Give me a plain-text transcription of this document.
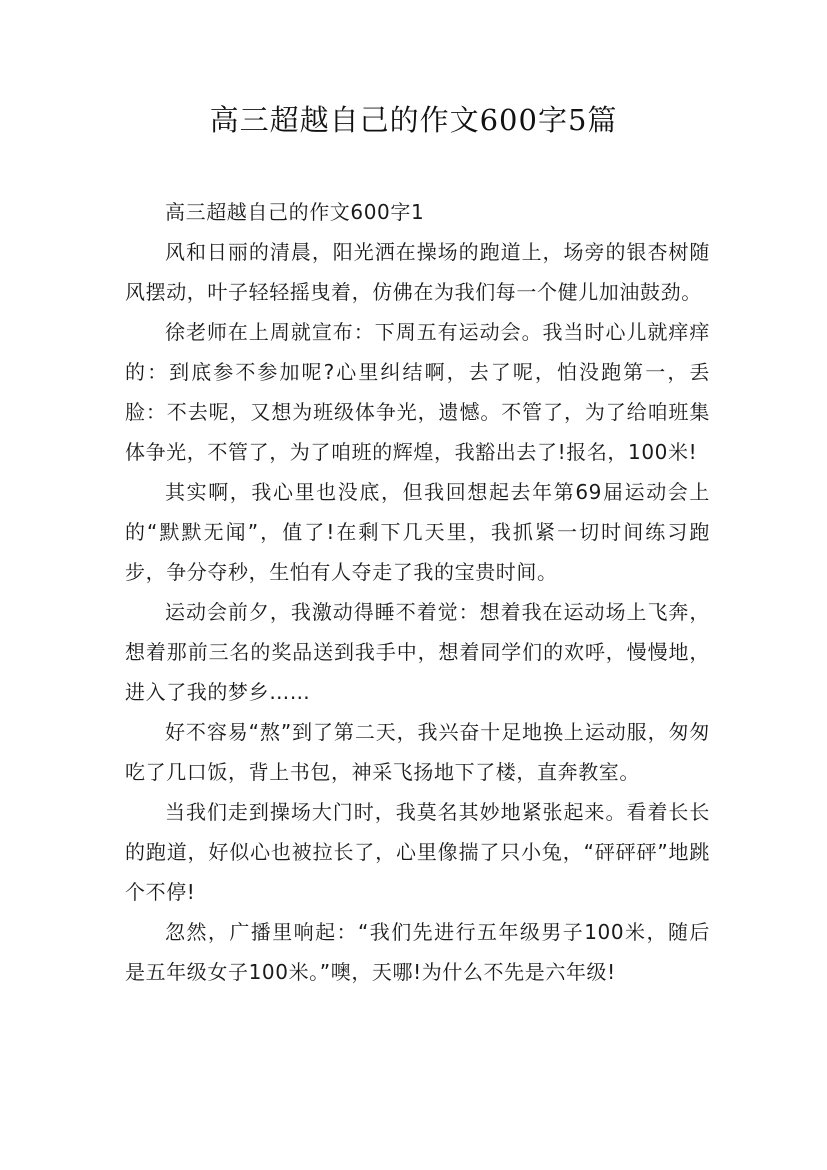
高三超越自己的作文600字5篇

高三超越自己的作文600字1

风和日丽的清晨，阳光洒在操场的跑道上，场旁的银杏树随风摆动，叶子轻轻摇曳着，仿佛在为我们每一个健儿加油鼓劲。

徐老师在上周就宣布：下周五有运动会。我当时心儿就痒痒的：到底参不参加呢?心里纠结啊，去了呢，怕没跑第一，丢脸：不去呢，又想为班级体争光，遗憾。不管了，为了给咱班集体争光，不管了，为了咱班的辉煌，我豁出去了!报名，100米!

其实啊，我心里也没底，但我回想起去年第69届运动会上的“默默无闻”，值了!在剩下几天里，我抓紧一切时间练习跑步，争分夺秒，生怕有人夺走了我的宝贵时间。

运动会前夕，我激动得睡不着觉：想着我在运动场上飞奔，想着那前三名的奖品送到我手中，想着同学们的欢呼，慢慢地，进入了我的梦乡……

好不容易“熬”到了第二天，我兴奋十足地换上运动服，匆匆吃了几口饭，背上书包，神采飞扬地下了楼，直奔教室。

当我们走到操场大门时，我莫名其妙地紧张起来。看着长长的跑道，好似心也被拉长了，心里像揣了只小兔，“砰砰砰”地跳个不停!

忽然，广播里响起：“我们先进行五年级男子100米，随后是五年级女子100米。”噢，天哪!为什么不先是六年级!
